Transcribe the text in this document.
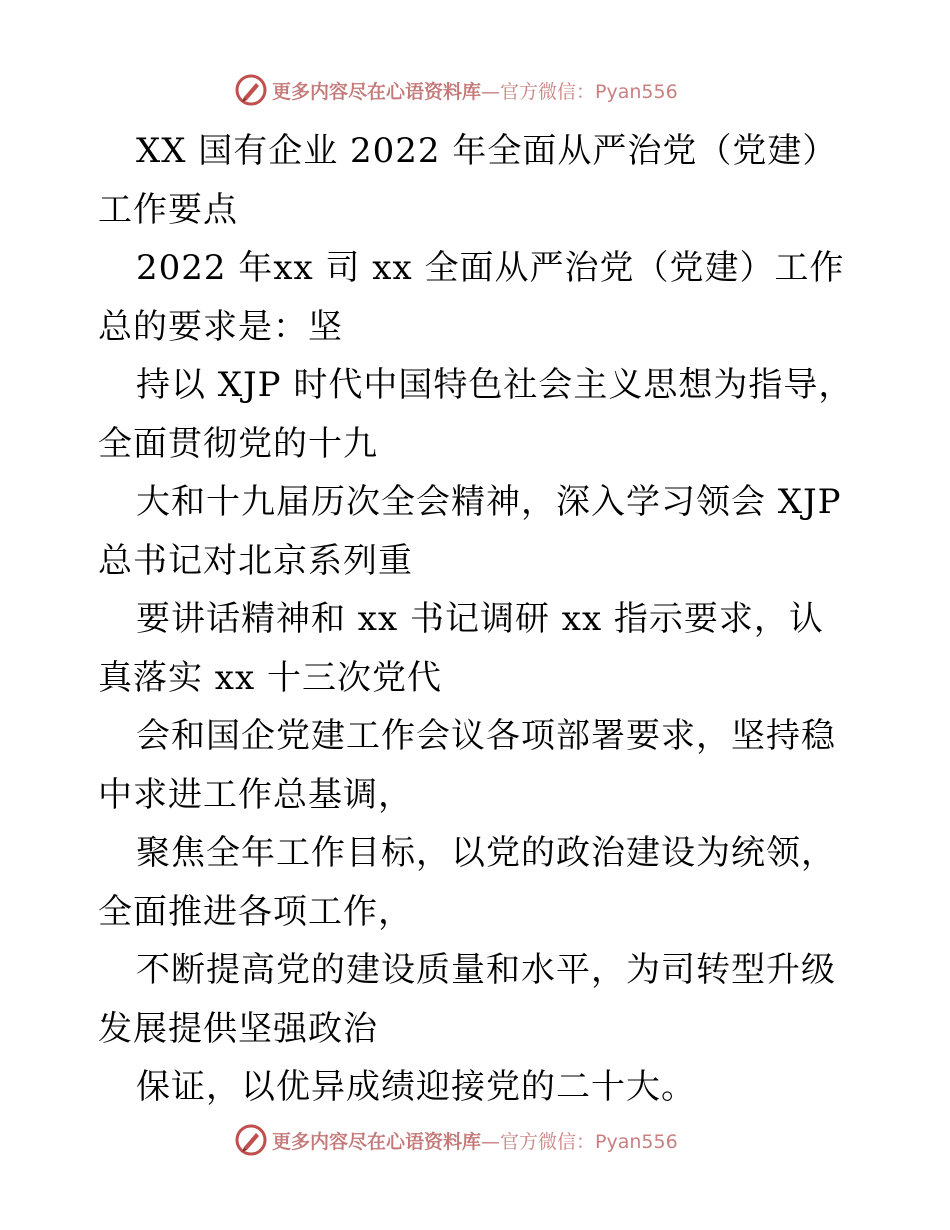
更多内容尽在心语资料库—官方微信：Pyan556

XX 国有企业 2022 年全面从严治党（党建）工作要点

2022 年xx 司 xx 全面从严治党（党建）工作总的要求是：坚

持以 XJP 时代中国特色社会主义思想为指导，全面贯彻党的十九

大和十九届历次全会精神，深入学习领会 XJP 总书记对北京系列重

要讲话精神和 xx 书记调研 xx 指示要求，认真落实 xx 十三次党代

会和国企党建工作会议各项部署要求，坚持稳中求进工作总基调，

聚焦全年工作目标，以党的政治建设为统领，全面推进各项工作，

不断提高党的建设质量和水平，为司转型升级发展提供坚强政治

保证，以优异成绩迎接党的二十大。

更多内容尽在心语资料库—官方微信：Pyan556
